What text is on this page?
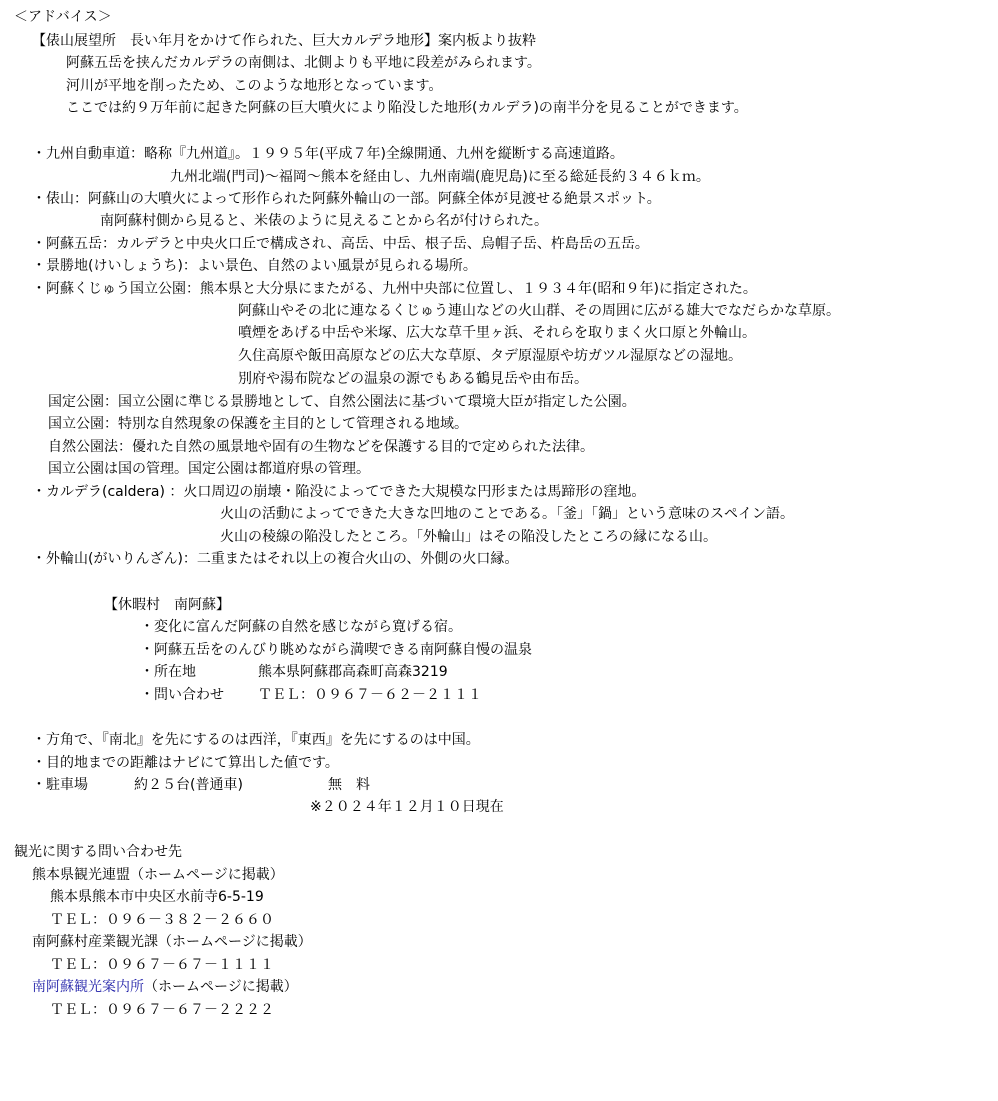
＜アドバイス＞
【俵山展望所　長い年月をかけて作られた、巨大カルデラ地形】案内板より抜粋
阿蘇五岳を挟んだカルデラの南側は、北側よりも平地に段差がみられます。
河川が平地を削ったため、このような地形となっています。
ここでは約９万年前に起きた阿蘇の巨大噴火により陥没した地形(カルデラ)の南半分を見ることができます。
・九州自動車道：略称『九州道』。１９９５年(平成７年)全線開通、九州を縦断する高速道路。
九州北端(門司)～福岡～熊本を経由し、九州南端(鹿児島)に至る総延長約３４６ｋｍ。
・俵山：阿蘇山の大噴火によって形作られた阿蘇外輪山の一部。阿蘇全体が見渡せる絶景スポット。
南阿蘇村側から見ると、米俵のように見えることから名が付けられた。
・阿蘇五岳：カルデラと中央火口丘で構成され、高岳、中岳、根子岳、烏帽子岳、杵島岳の五岳。
・景勝地(けいしょうち)：よい景色、自然のよい風景が見られる場所。
・阿蘇くじゅう国立公園：熊本県と大分県にまたがる、九州中央部に位置し、１９３４年(昭和９年)に指定された。
阿蘇山やその北に連なるくじゅう連山などの火山群、その周囲に広がる雄大でなだらかな草原。
噴煙をあげる中岳や米塚、広大な草千里ヶ浜、それらを取りまく火口原と外輪山。
久住高原や飯田高原などの広大な草原、タデ原湿原や坊ガツル湿原などの湿地。
別府や湯布院などの温泉の源でもある鶴見岳や由布岳。
国定公園：国立公園に準じる景勝地として、自然公園法に基づいて環境大臣が指定した公園。
国立公園：特別な自然現象の保護を主目的として管理される地域。
自然公園法：優れた自然の風景地や固有の生物などを保護する目的で定められた法律。
国立公園は国の管理。国定公園は都道府県の管理。
・カルデラ(caldera) ：火口周辺の崩壊・陥没によってできた大規模な円形または馬蹄形の窪地。
火山の活動によってできた大きな凹地のことである。「釜」「鍋」という意味のスペイン語。
火山の稜線の陥没したところ。「外輪山」はその陥没したところの縁になる山。
・外輪山(がいりんざん)：二重またはそれ以上の複合火山の、外側の火口縁。
【休暇村　南阿蘇】
・変化に富んだ阿蘇の自然を感じながら寛げる宿。
・阿蘇五岳をのんびり眺めながら満喫できる南阿蘇自慢の温泉
・所在地	熊本県阿蘇郡高森町高森3219
・問い合わせ ＴＥＬ：０９６７－６２－２１１１
・方角で、『南北』を先にするのは西洋，『東西』を先にするのは中国。
・目的地までの距離はナビにて算出した値です。
・駐車場	約２５台(普通車)	無　料
※２０２４年１２月１０日現在
観光に関する問い合わせ先
熊本県観光連盟（ホームページに掲載）
熊本県熊本市中央区水前寺6-5-19
ＴＥＬ：０９６－３８２－２６６０
南阿蘇村産業観光課（ホームページに掲載）
ＴＥＬ：０９６７－６７－１１１１
南阿蘇観光案内所（ホームページに掲載）
ＴＥＬ：０９６７－６７－２２２２
